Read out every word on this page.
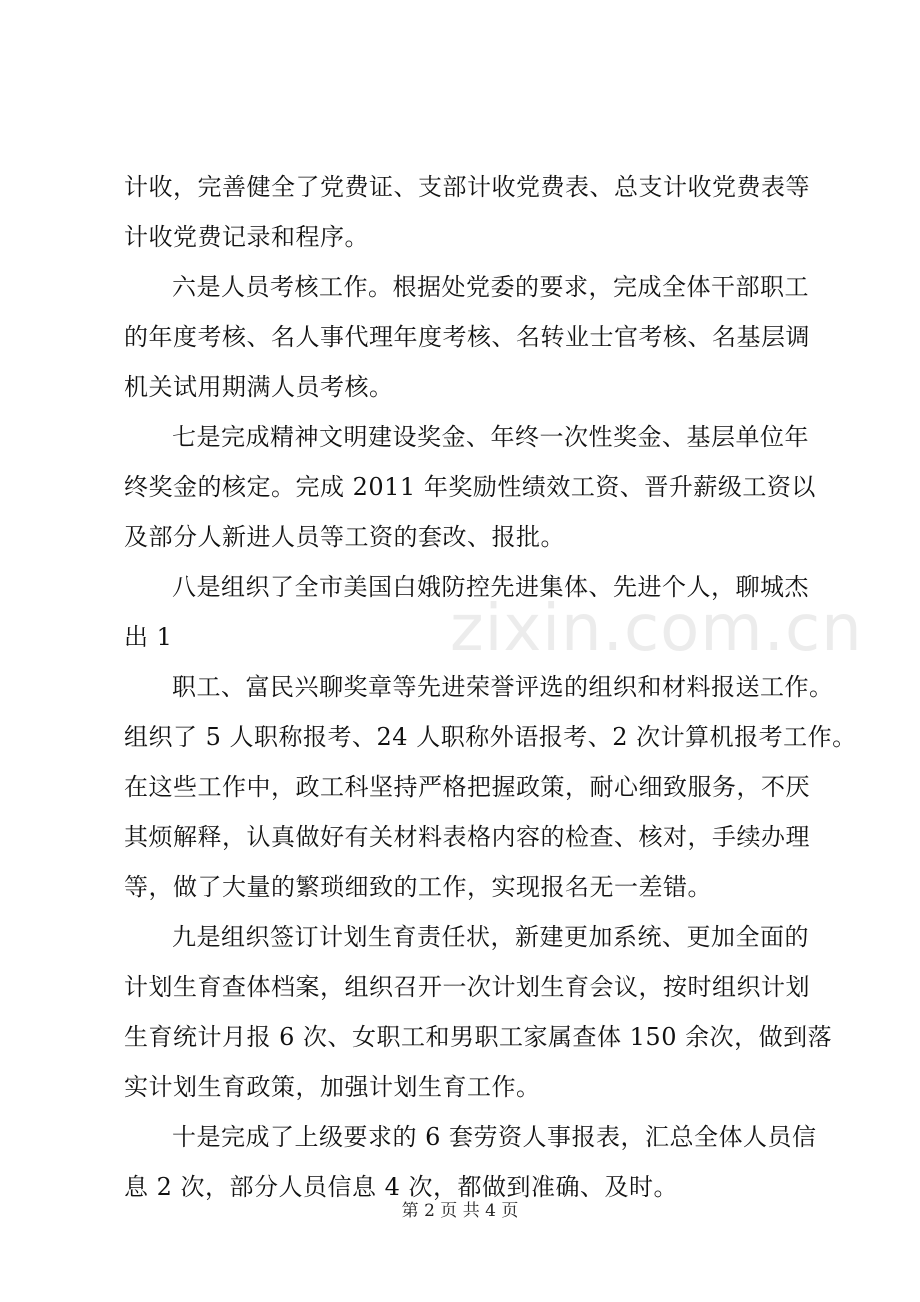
计收，完善健全了党费证、支部计收党费表、总支计收党费表等
计收党费记录和程序。
六是人员考核工作。根据处党委的要求，完成全体干部职工
的年度考核、名人事代理年度考核、名转业士官考核、名基层调
机关试用期满人员考核。
七是完成精神文明建设奖金、年终一次性奖金、基层单位年
终奖金的核定。完成 2011 年奖励性绩效工资、晋升薪级工资以
及部分人新进人员等工资的套改、报批。
八是组织了全市美国白娥防控先进集体、先进个人，聊城杰
出 1
职工、富民兴聊奖章等先进荣誉评选的组织和材料报送工作。
组织了 5 人职称报考、24 人职称外语报考、2 次计算机报考工作。
在这些工作中，政工科坚持严格把握政策，耐心细致服务，不厌
其烦解释，认真做好有关材料表格内容的检查、核对，手续办理
等，做了大量的繁琐细致的工作，实现报名无一差错。
九是组织签订计划生育责任状，新建更加系统、更加全面的
计划生育查体档案，组织召开一次计划生育会议，按时组织计划
生育统计月报 6 次、女职工和男职工家属查体 150 余次，做到落
实计划生育政策，加强计划生育工作。
十是完成了上级要求的 6 套劳资人事报表，汇总全体人员信
息 2 次，部分人员信息 4 次，都做到准确、及时。
zixin.com.cn
第 2 页 共 4 页
